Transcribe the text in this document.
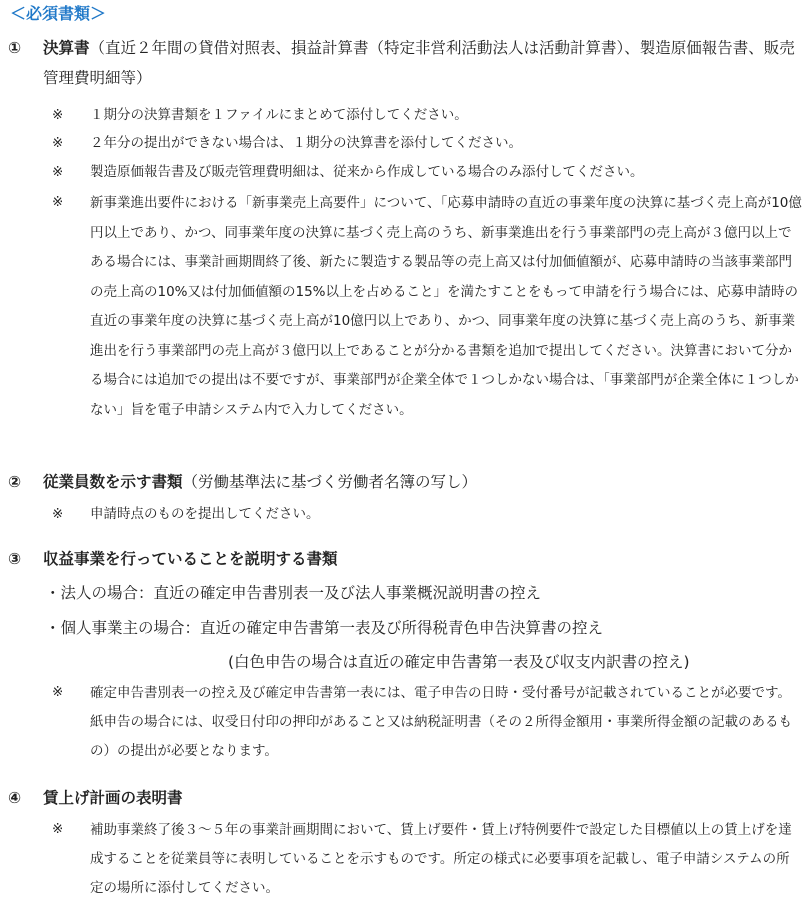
＜必須書類＞
① 決算書（直近２年間の貸借対照表、損益計算書（特定非営利活動法人は活動計算書）、製造原価報告書、販売管理費明細等）
※ １期分の決算書類を１ファイルにまとめて添付してください。
※ ２年分の提出ができない場合は、１期分の決算書を添付してください。
※ 製造原価報告書及び販売管理費明細は、従来から作成している場合のみ添付してください。
※ 新事業進出要件における「新事業売上高要件」について、「応募申請時の直近の事業年度の決算に基づく売上高が10億円以上であり、かつ、同事業年度の決算に基づく売上高のうち、新事業進出を行う事業部門の売上高が３億円以上である場合には、事業計画期間終了後、新たに製造する製品等の売上高又は付加価値額が、応募申請時の当該事業部門の売上高の10%又は付加価値額の15%以上を占めること」を満たすことをもって申請を行う場合には、応募申請時の直近の事業年度の決算に基づく売上高が10億円以上であり、かつ、同事業年度の決算に基づく売上高のうち、新事業進出を行う事業部門の売上高が３億円以上であることが分かる書類を追加で提出してください。決算書において分かる場合には追加での提出は不要ですが、事業部門が企業全体で１つしかない場合は、「事業部門が企業全体に１つしかない」旨を電子申請システム内で入力してください。
② 従業員数を示す書類（労働基準法に基づく労働者名簿の写し）
※ 申請時点のものを提出してください。
③ 収益事業を行っていることを説明する書類
・法人の場合：直近の確定申告書別表一及び法人事業概況説明書の控え
・個人事業主の場合：直近の確定申告書第一表及び所得税青色申告決算書の控え
(白色申告の場合は直近の確定申告書第一表及び収支内訳書の控え)
※ 確定申告書別表一の控え及び確定申告書第一表には、電子申告の日時・受付番号が記載されていることが必要です。紙申告の場合には、収受日付印の押印があること又は納税証明書（その２所得金額用・事業所得金額の記載のあるもの）の提出が必要となります。
④ 賃上げ計画の表明書
※ 補助事業終了後３～５年の事業計画期間において、賃上げ要件・賃上げ特例要件で設定した目標値以上の賃上げを達成することを従業員等に表明していることを示すものです。所定の様式に必要事項を記載し、電子申請システムの所定の場所に添付してください。
